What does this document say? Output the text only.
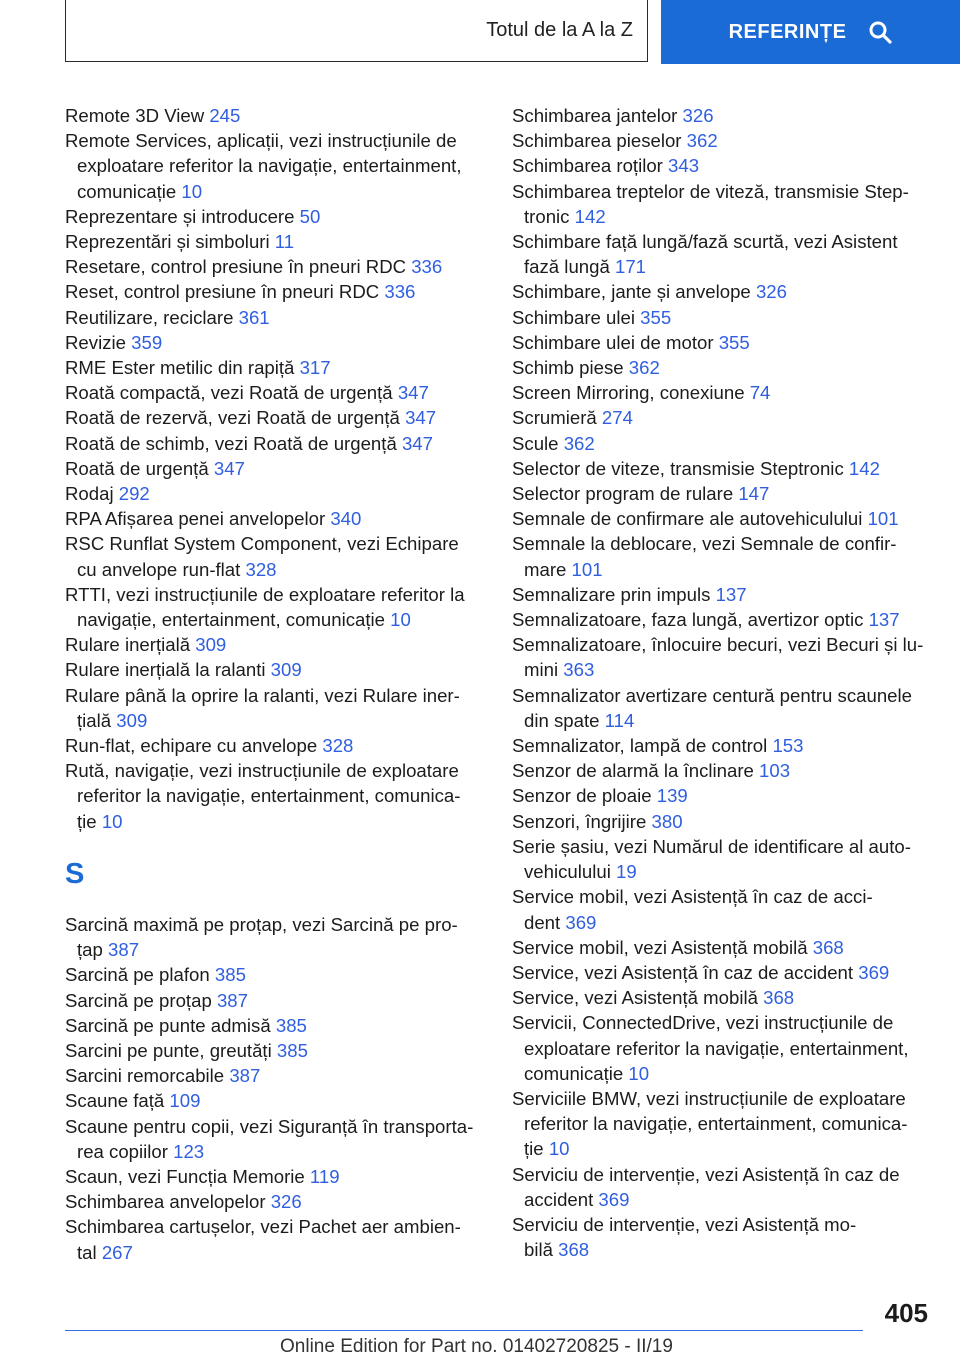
Totul de la A la Z	REFERINȚE
Remote 3D View 245
Remote Services, aplicații, vezi instrucțiunile de
exploatare referitor la navigație, entertainment,
comunicație 10
Reprezentare și introducere 50
Reprezentări și simboluri 11
Resetare, control presiune în pneuri RDC 336
Reset, control presiune în pneuri RDC 336
Reutilizare, reciclare 361
Revizie 359
RME Ester metilic din rapiță 317
Roată compactă, vezi Roată de urgență 347
Roată de rezervă, vezi Roată de urgență 347
Roată de schimb, vezi Roată de urgență 347
Roată de urgență 347
Rodaj 292
RPA Afișarea penei anvelopelor 340
RSC Runflat System Component, vezi Echipare
cu anvelope run-flat 328
RTTI, vezi instrucțiunile de exploatare referitor la
navigație, entertainment, comunicație 10
Rulare inerțială 309
Rulare inerțială la ralanti 309
Rulare până la oprire la ralanti, vezi Rulare iner-
țială 309
Run-flat, echipare cu anvelope 328
Rută, navigație, vezi instrucțiunile de exploatare
referitor la navigație, entertainment, comunica-
ție 10
S
Sarcină maximă pe proțap, vezi Sarcină pe pro-
țap 387
Sarcină pe plafon 385
Sarcină pe proțap 387
Sarcină pe punte admisă 385
Sarcini pe punte, greutăți 385
Sarcini remorcabile 387
Scaune față 109
Scaune pentru copii, vezi Siguranță în transporta-
rea copiilor 123
Scaun, vezi Funcția Memorie 119
Schimbarea anvelopelor 326
Schimbarea cartușelor, vezi Pachet aer ambien-
tal 267
Schimbarea jantelor 326
Schimbarea pieselor 362
Schimbarea roților 343
Schimbarea treptelor de viteză, transmisie Step-
tronic 142
Schimbare față lungă/fază scurtă, vezi Asistent
fază lungă 171
Schimbare, jante și anvelope 326
Schimbare ulei 355
Schimbare ulei de motor 355
Schimb piese 362
Screen Mirroring, conexiune 74
Scrumieră 274
Scule 362
Selector de viteze, transmisie Steptronic 142
Selector program de rulare 147
Semnale de confirmare ale autovehiculului 101
Semnale la deblocare, vezi Semnale de confir-
mare 101
Semnalizare prin impuls 137
Semnalizatoare, faza lungă, avertizor optic 137
Semnalizatoare, înlocuire becuri, vezi Becuri și lu-
mini 363
Semnalizator avertizare centură pentru scaunele
din spate 114
Semnalizator, lampă de control 153
Senzor de alarmă la înclinare 103
Senzor de ploaie 139
Senzori, îngrijire 380
Serie șasiu, vezi Numărul de identificare al auto-
vehiculului 19
Service mobil, vezi Asistență în caz de acci-
dent 369
Service mobil, vezi Asistență mobilă 368
Service, vezi Asistență în caz de accident 369
Service, vezi Asistență mobilă 368
Servicii, ConnectedDrive, vezi instrucțiunile de
exploatare referitor la navigație, entertainment,
comunicație 10
Serviciile BMW, vezi instrucțiunile de exploatare
referitor la navigație, entertainment, comunica-
ție 10
Serviciu de intervenție, vezi Asistență în caz de
accident 369
Serviciu de intervenție, vezi Asistență mo-
bilă 368
405
Online Edition for Part no. 01402720825 - II/19
